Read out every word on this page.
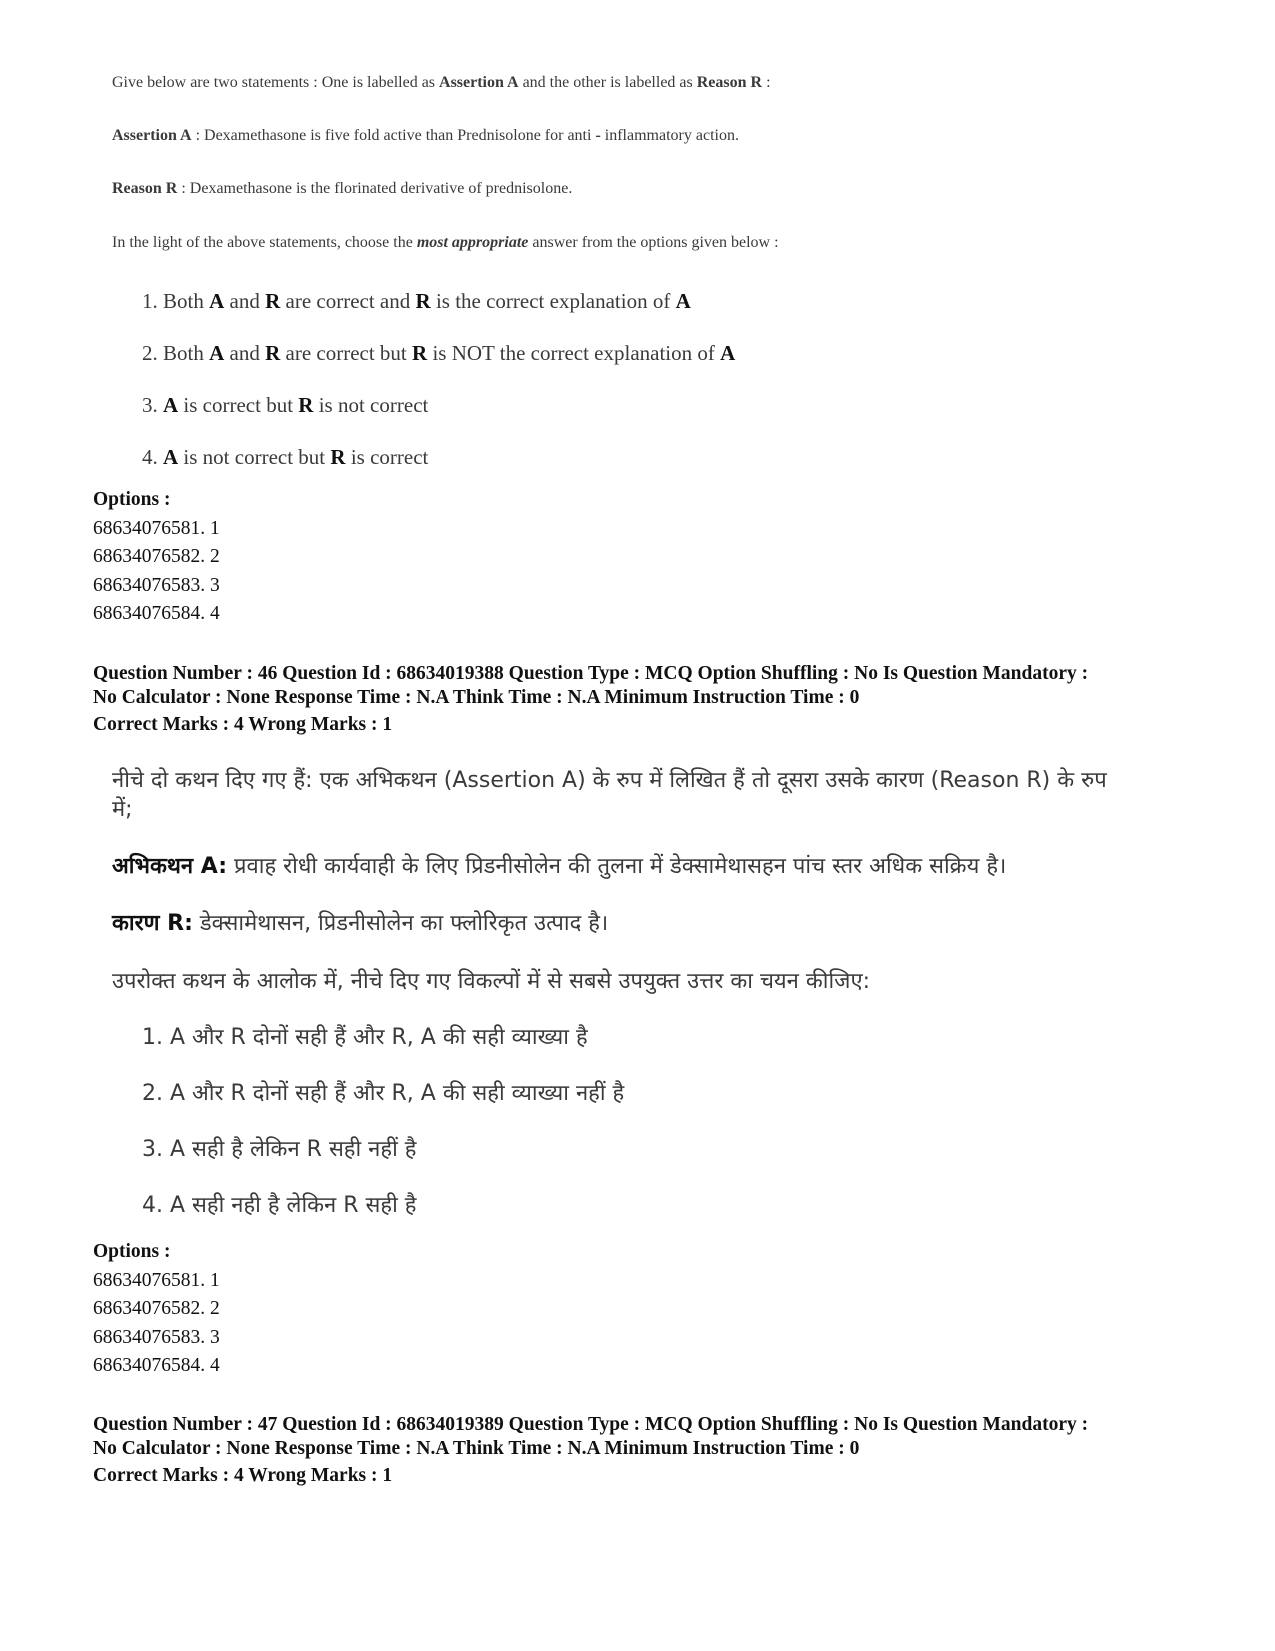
Give below are two statements : One is labelled as Assertion A and the other is labelled as Reason R :
Assertion A : Dexamethasone is five fold active than Prednisolone for anti - inflammatory action.
Reason R : Dexamethasone is the florinated derivative of prednisolone.
In the light of the above statements, choose the most appropriate answer from the options given below :
1. Both A and R are correct and R is the correct explanation of A
2. Both A and R are correct but R is NOT the correct explanation of A
3. A is correct but R is not correct
4. A is not correct but R is correct
Options :
68634076581. 1
68634076582. 2
68634076583. 3
68634076584. 4
Question Number : 46 Question Id : 68634019388 Question Type : MCQ Option Shuffling : No Is Question Mandatory :
No Calculator : None Response Time : N.A Think Time : N.A Minimum Instruction Time : 0
Correct Marks : 4 Wrong Marks : 1
नीचे दो कथन दिए गए हैं: एक अभिकथन (Assertion A) के रुप में लिखित हैं तो दूसरा उसके कारण (Reason R) के रुप
में;
अभिकथन A: प्रवाह रोधी कार्यवाही के लिए प्रिडनीसोलेन की तुलना में डेक्सामेथासहन पांच स्तर अधिक सक्रिय है।
कारण R: डेक्सामेथासन, प्रिडनीसोलेन का फ्लोरिकृत उत्पाद है।
उपरोक्त कथन के आलोक में, नीचे दिए गए विकल्पों में से सबसे उपयुक्त उत्तर का चयन कीजिए:
1. A और R दोनों सही हैं और R, A की सही व्याख्या है
2. A और R दोनों सही हैं और R, A की सही व्याख्या नहीं है
3. A सही है लेकिन R सही नहीं है
4. A सही नही है लेकिन R सही है
Options :
68634076581. 1
68634076582. 2
68634076583. 3
68634076584. 4
Question Number : 47 Question Id : 68634019389 Question Type : MCQ Option Shuffling : No Is Question Mandatory :
No Calculator : None Response Time : N.A Think Time : N.A Minimum Instruction Time : 0
Correct Marks : 4 Wrong Marks : 1
